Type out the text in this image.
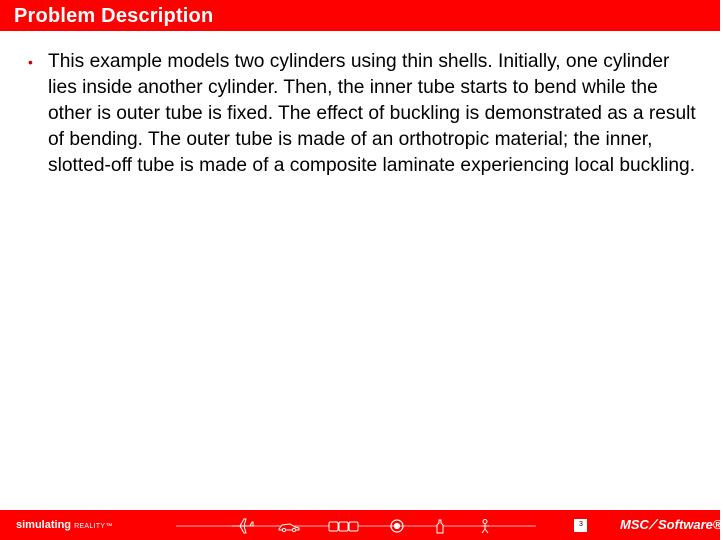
Problem Description
• This example models two cylinders using thin shells. Initially, one cylinder lies inside another cylinder. Then, the inner tube starts to bend while the other is outer tube is fixed. The effect of buckling is demonstrated as a result of bending. The outer tube is made of an orthotropic material; the inner, slotted-off tube is made of a composite laminate experiencing local buckling.

simulating REALITY™	3	MSC⟋Software®
